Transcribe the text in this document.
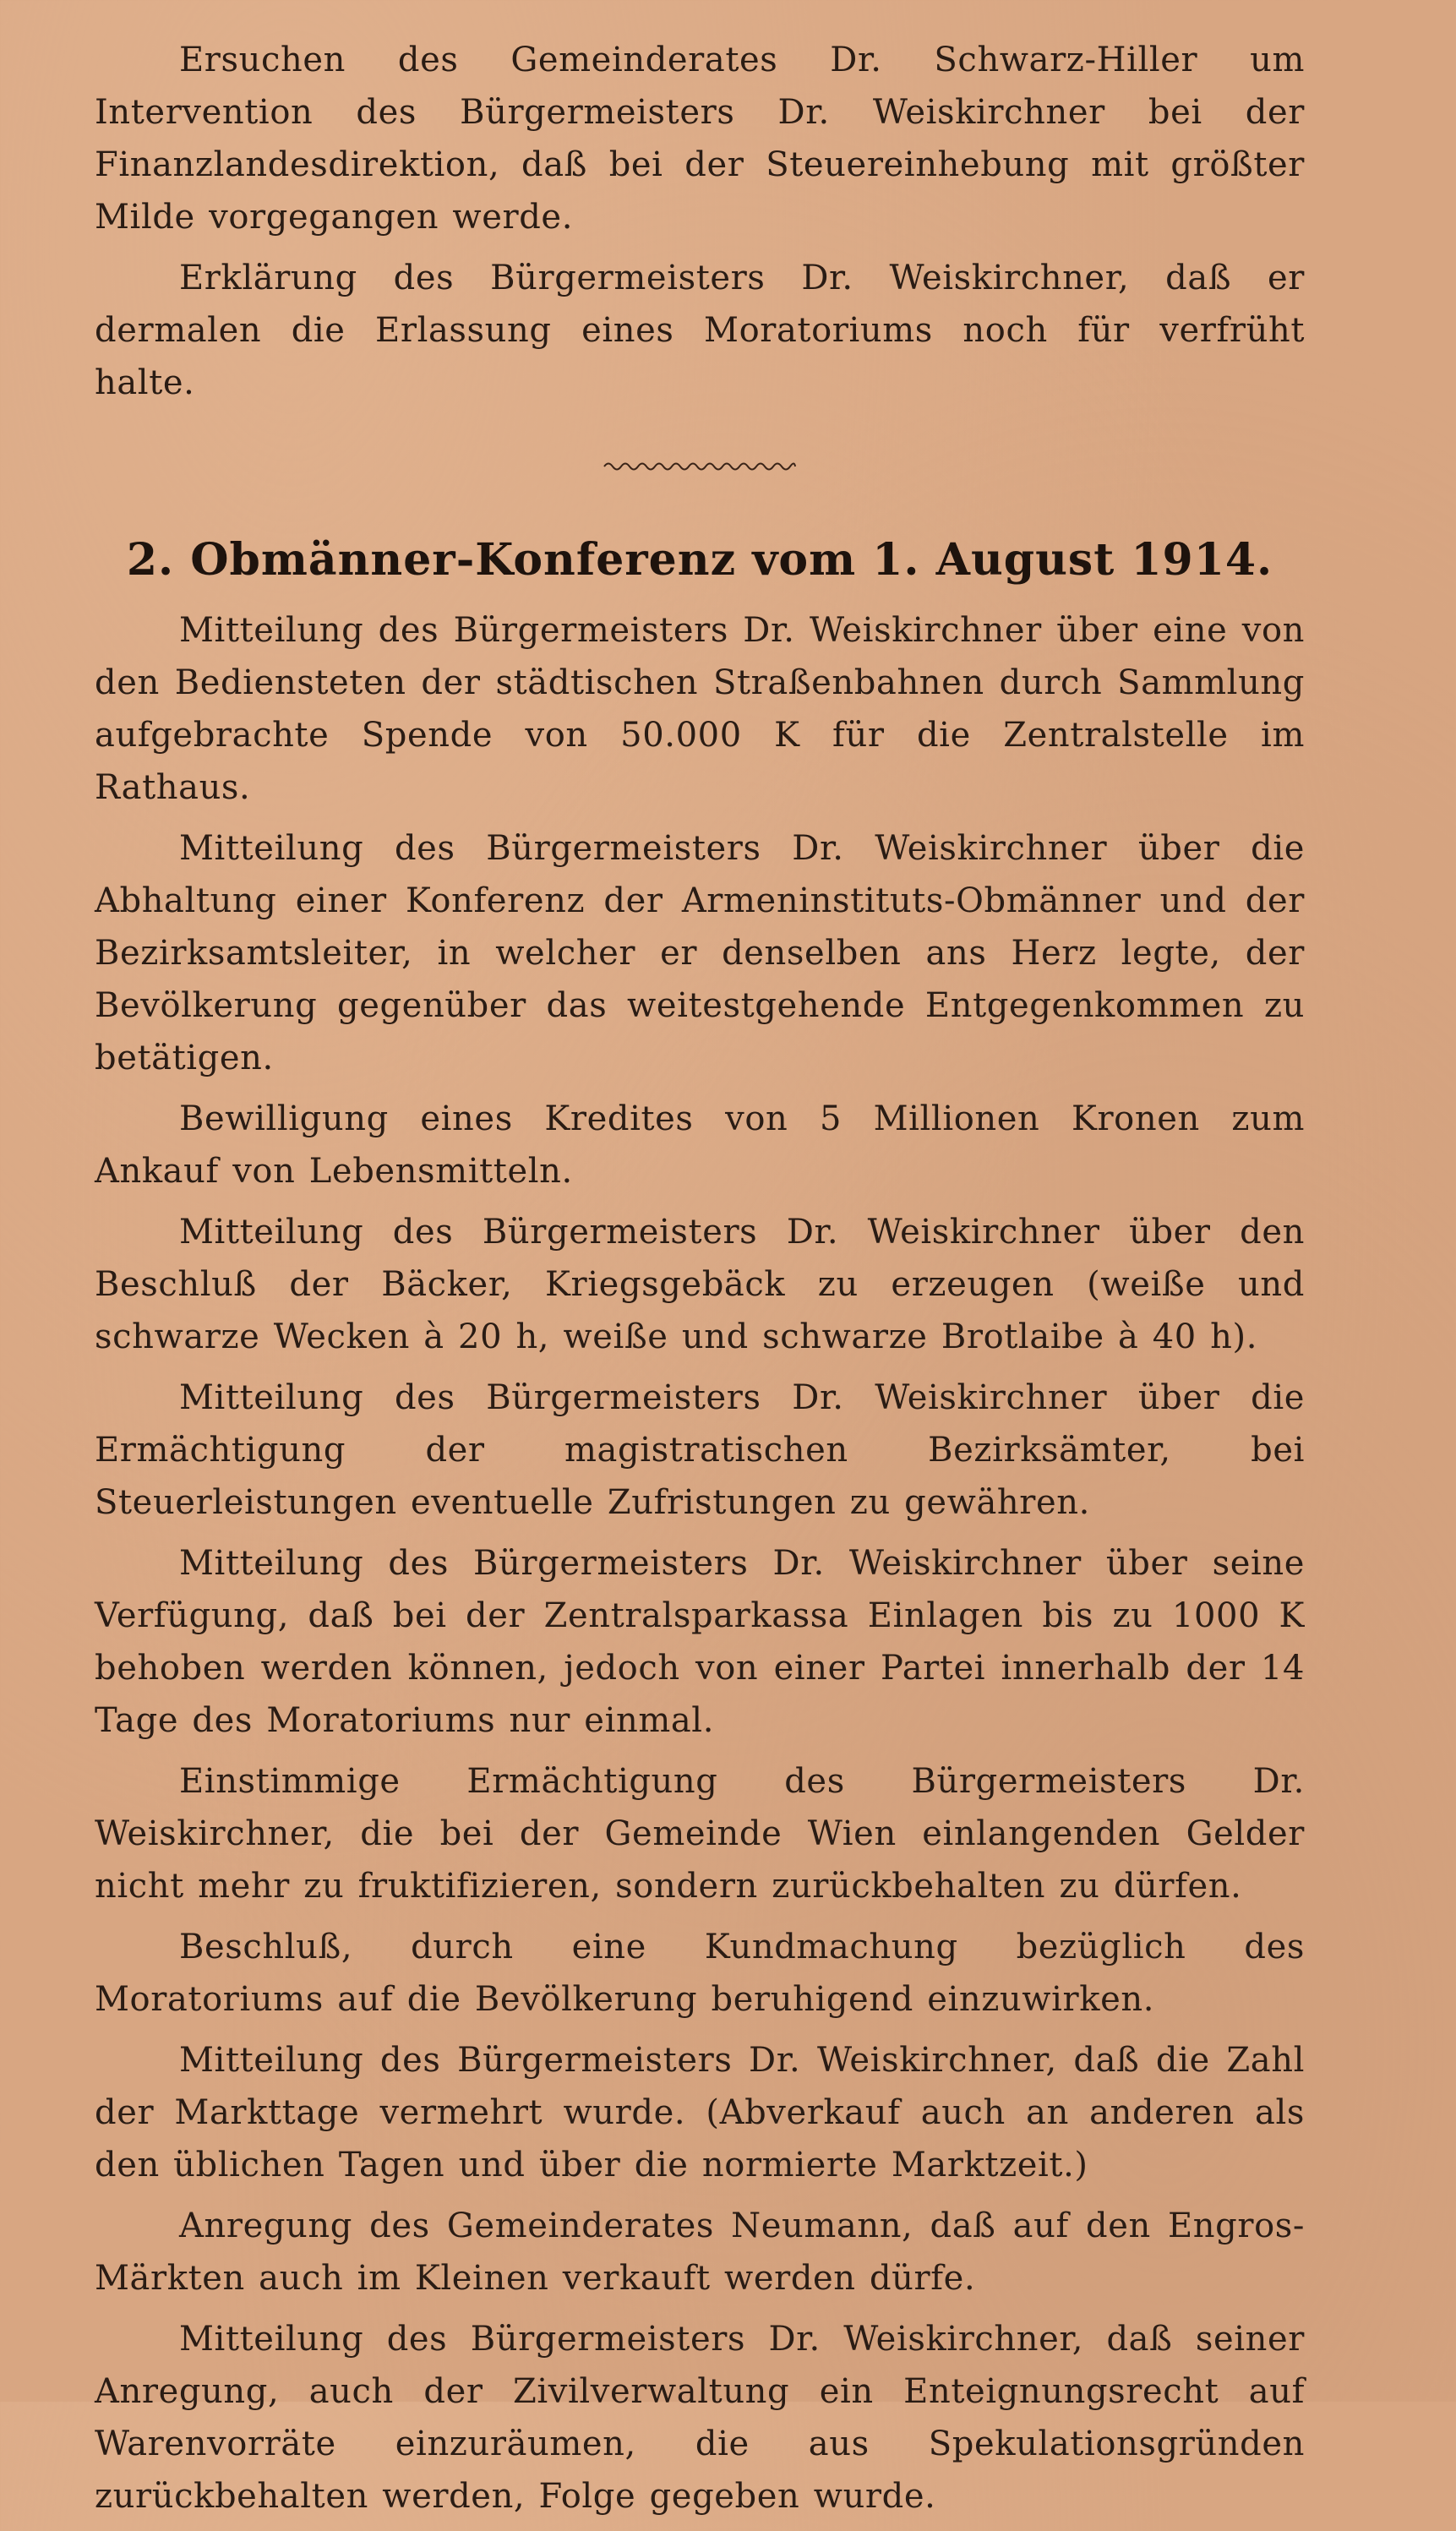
Ersuchen des Gemeinderates Dr. Schwarz-Hiller um Intervention des Bürgermeisters Dr. Weiskirchner bei der Finanzlandesdirektion, daß bei der Steuereinhebung mit größter Milde vorgegangen werde.

Erklärung des Bürgermeisters Dr. Weiskirchner, daß er dermalen die Erlassung eines Moratoriums noch für verfrüht halte.

2. Obmänner-Konferenz vom 1. August 1914.

Mitteilung des Bürgermeisters Dr. Weiskirchner über eine von den Bediensteten der städtischen Straßenbahnen durch Sammlung aufgebrachte Spende von 50.000 K für die Zentralstelle im Rathaus.

Mitteilung des Bürgermeisters Dr. Weiskirchner über die Abhaltung einer Konferenz der Armeninstituts-Obmänner und der Bezirksamtsleiter, in welcher er denselben ans Herz legte, der Bevölkerung gegenüber das weitestgehende Entgegenkommen zu betätigen.

Bewilligung eines Kredites von 5 Millionen Kronen zum Ankauf von Lebensmitteln.

Mitteilung des Bürgermeisters Dr. Weiskirchner über den Beschluß der Bäcker, Kriegsgebäck zu erzeugen (weiße und schwarze Wecken à 20 h, weiße und schwarze Brotlaibe à 40 h).

Mitteilung des Bürgermeisters Dr. Weiskirchner über die Ermächtigung der magistratischen Bezirksämter, bei Steuerleistungen eventuelle Zufristungen zu gewähren.

Mitteilung des Bürgermeisters Dr. Weiskirchner über seine Verfügung, daß bei der Zentralsparkassa Einlagen bis zu 1000 K behoben werden können, jedoch von einer Partei innerhalb der 14 Tage des Moratoriums nur einmal.

Einstimmige Ermächtigung des Bürgermeisters Dr. Weiskirchner, die bei der Gemeinde Wien einlangenden Gelder nicht mehr zu fruktifizieren, sondern zurückbehalten zu dürfen.

Beschluß, durch eine Kundmachung bezüglich des Moratoriums auf die Bevölkerung beruhigend einzuwirken.

Mitteilung des Bürgermeisters Dr. Weiskirchner, daß die Zahl der Markttage vermehrt wurde. (Abverkauf auch an anderen als den üblichen Tagen und über die normierte Marktzeit.)

Anregung des Gemeinderates Neumann, daß auf den Engros-Märkten auch im Kleinen verkauft werden dürfe.

Mitteilung des Bürgermeisters Dr. Weiskirchner, daß seiner Anregung, auch der Zivilverwaltung ein Enteignungsrecht auf Warenvorräte einzuräumen, die aus Spekulationsgründen zurückbehalten werden, Folge gegeben wurde.
